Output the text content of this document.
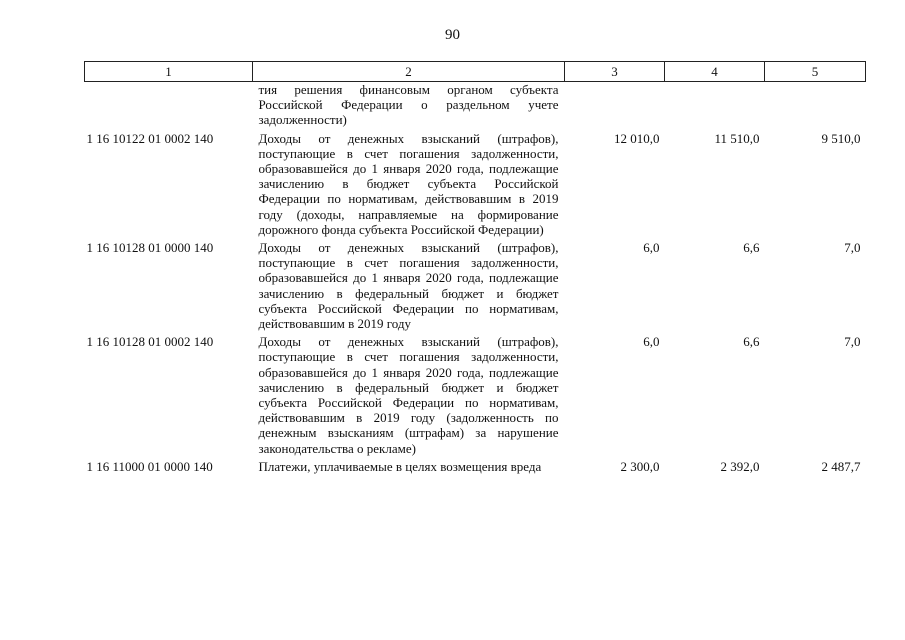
90
1	2	3	4	5
	тия решения финансовым органом субъекта Российской Федерации о раздельном учете задолженности)			
1 16 10122 01 0002 140	Доходы от денежных взысканий (штрафов), поступающие в счет погашения задолженности, образовавшейся до 1 января 2020 года, подлежащие зачислению в бюджет субъекта Российской Федерации по нормативам, действовавшим в 2019 году (доходы, направляемые на формирование дорожного фонда субъекта Российской Федерации)	12 010,0	11 510,0	9 510,0
1 16 10128 01 0000 140	Доходы от денежных взысканий (штрафов), поступающие в счет погашения задолженности, образовавшейся до 1 января 2020 года, подлежащие зачислению в федеральный бюджет и бюджет субъекта Российской Федерации по нормативам, действовавшим в 2019 году	6,0	6,6	7,0
1 16 10128 01 0002 140	Доходы от денежных взысканий (штрафов), поступающие в счет погашения задолженности, образовавшейся до 1 января 2020 года, подлежащие зачислению в федеральный бюджет и бюджет субъекта Российской Федерации по нормативам, действовавшим в 2019 году (задолженность по денежным взысканиям (штрафам) за нарушение законодательства о рекламе)	6,0	6,6	7,0
1 16 11000 01 0000 140	Платежи, уплачиваемые в целях возмещения вреда	2 300,0	2 392,0	2 487,7
